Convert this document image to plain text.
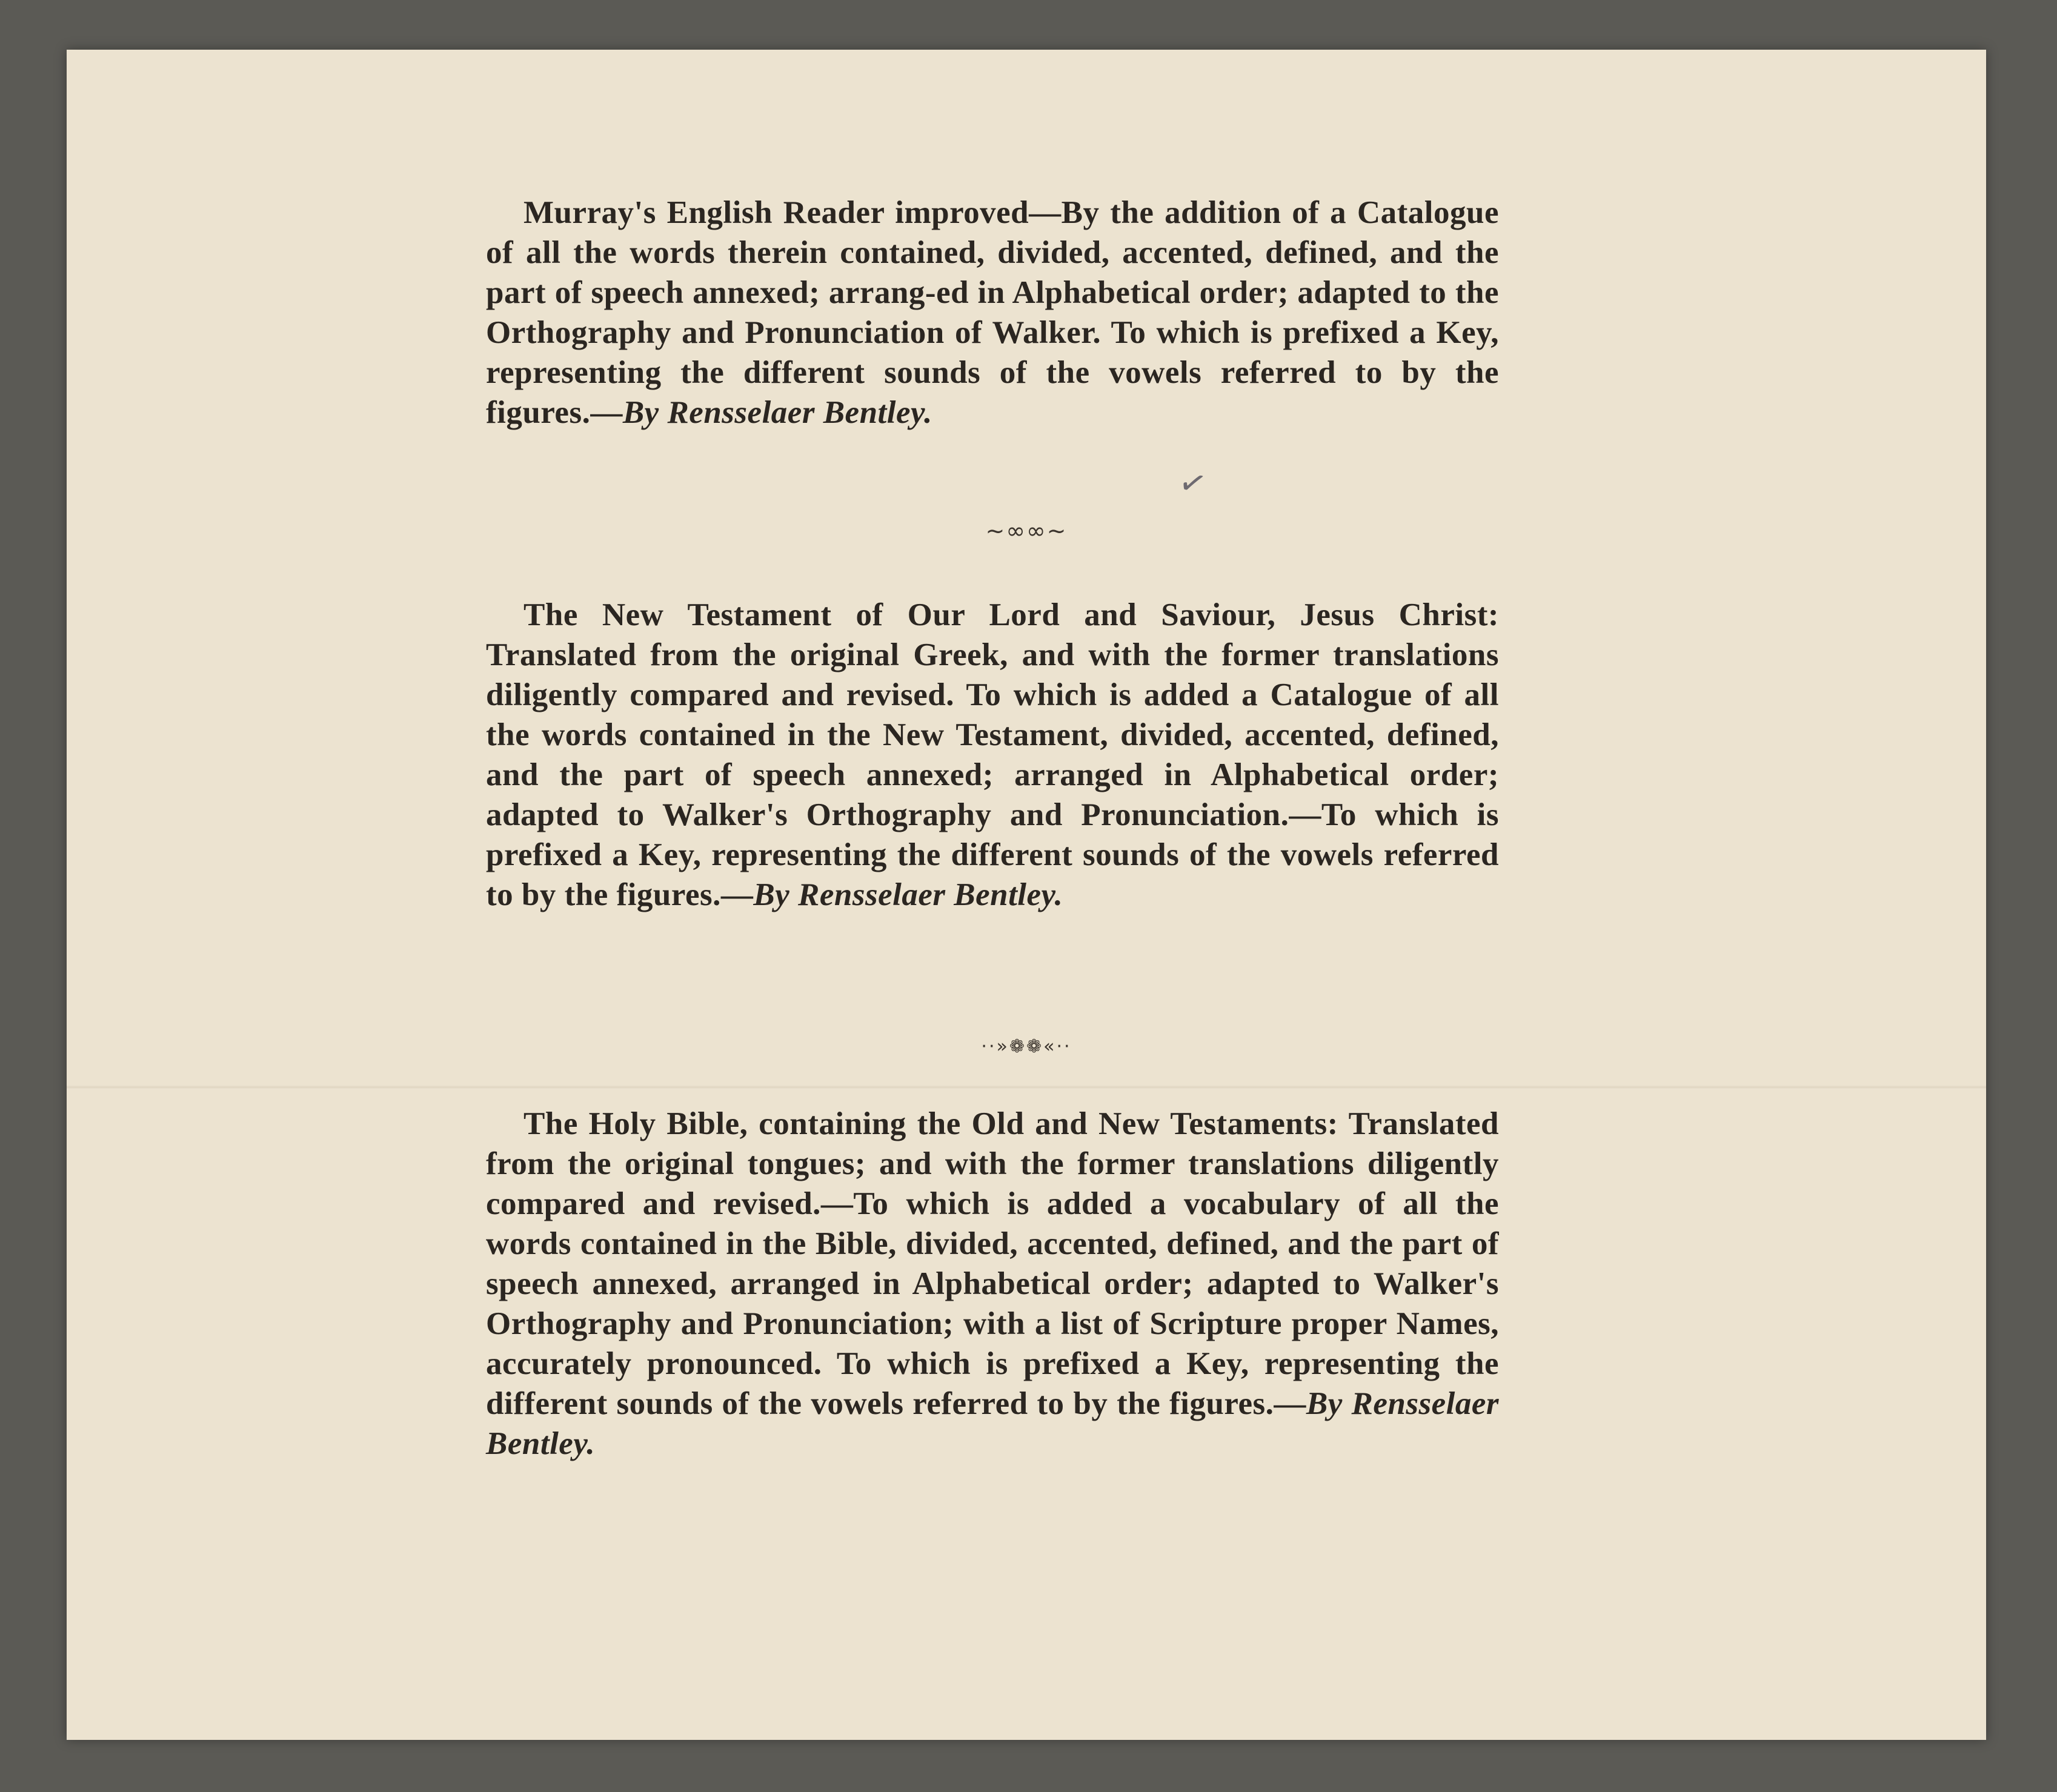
Murray's English Reader improved—By the addition of a Catalogue of all the words therein contained, divided, accented, defined, and the part of speech annexed; arrang-ed in Alphabetical order; adapted to the Orthography and Pronunciation of Walker. To which is prefixed a Key, representing the different sounds of the vowels referred to by the figures.—By Rensselaer Bentley.
✓
~∞∞~
The New Testament of Our Lord and Saviour, Jesus Christ: Translated from the original Greek, and with the former translations diligently compared and revised. To which is added a Catalogue of all the words contained in the New Testament, divided, accented, defined, and the part of speech annexed; arranged in Alphabetical order; adapted to Walker's Orthography and Pronunciation.—To which is prefixed a Key, representing the different sounds of the vowels referred to by the figures.—By Rensselaer Bentley.
··»❁❁«··
The Holy Bible, containing the Old and New Testaments: Translated from the original tongues; and with the former translations diligently compared and revised.—To which is added a vocabulary of all the words contained in the Bible, divided, accented, defined, and the part of speech annexed, arranged in Alphabetical order; adapted to Walker's Orthography and Pronunciation; with a list of Scripture proper Names, accurately pronounced. To which is prefixed a Key, representing the different sounds of the vowels referred to by the figures.—By Rensselaer Bentley.
